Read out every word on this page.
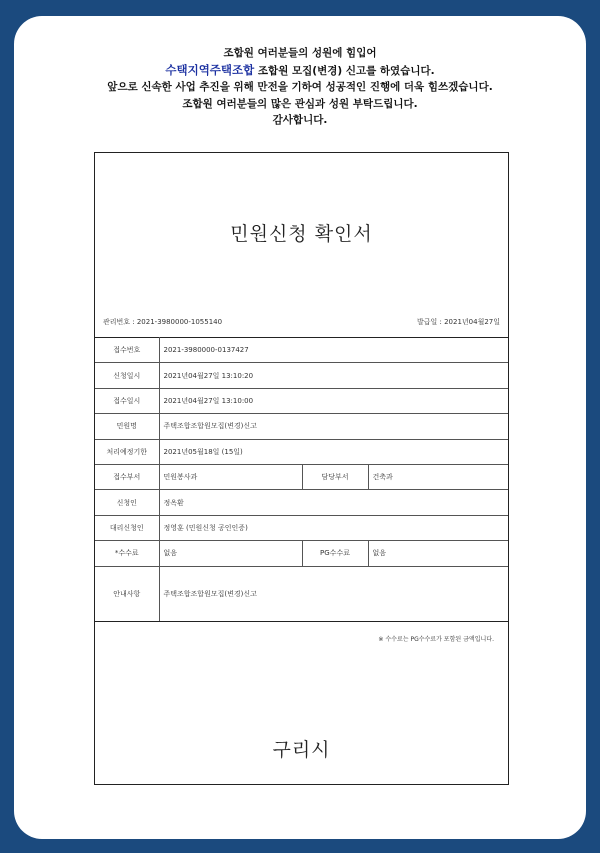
조합원 여러분들의 성원에 힘입어
수택지역주택조합 조합원 모집(변경) 신고를 하였습니다.
앞으로 신속한 사업 추진을 위해 만전을 기하여 성공적인 진행에 더욱 힘쓰겠습니다.
조합원 여러분들의 많은 관심과 성원 부탁드립니다.
감사합니다.
민원신청 확인서
관리번호 : 2021-3980000-1055140	발급일 : 2021년04월27일
접수번호	2021-3980000-0137427		
신청일시	2021년04월27일 13:10:20		
접수일시	2021년04월27일 13:10:00		
민원명	주택조합조합원모집(변경)신고		
처리예정기한	2021년05월18일 (15일)		
접수부서	민원봉사과	담당부서	건축과
신청인	정옥환		
대리신청인	정영훈 (민원신청 공인인증)		
*수수료	없음	PG수수료	없음
안내사항	주택조합조합원모집(변경)신고		
※ 수수료는 PG수수료가 포함된 금액입니다.
구리시
